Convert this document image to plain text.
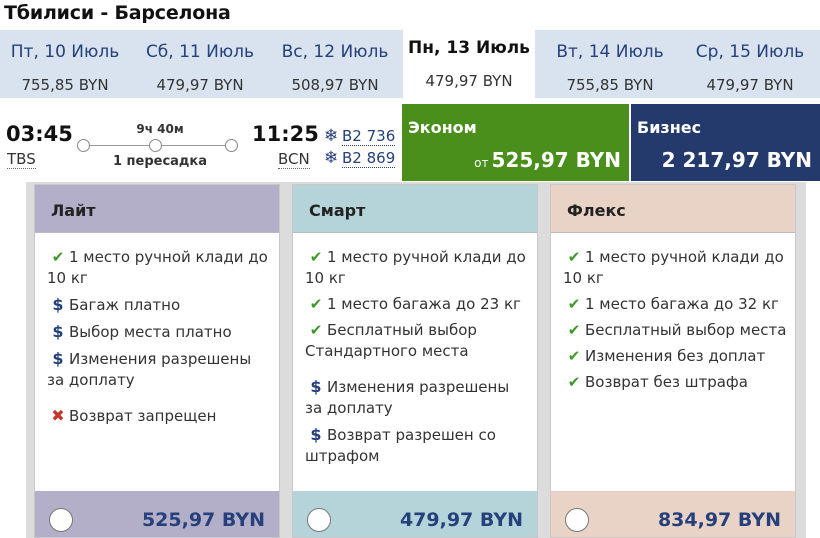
Тбилиси - Барселона
Пт, 10 Июль
755,85 BYN
Сб, 11 Июль
479,97 BYN
Вс, 12 Июль
508,97 BYN
Пн, 13 Июль
479,97 BYN
Вт, 14 Июль
755,85 BYN
Ср, 15 Июль
479,97 BYN
03:45
TBS
9ч 40м
1 пересадка
11:25
BCN
❄ B2 736
❄ B2 869
Эконом
от 525,97 BYN
Бизнес
2 217,97 BYN
Лайт
✔ 1 место ручной клади до 10 кг
$ Багаж платно
$ Выбор места платно
$ Изменения разрешены за доплату
✖ Возврат запрещен
525,97 BYN
Смарт
✔ 1 место ручной клади до 10 кг
✔ 1 место багажа до 23 кг
✔ Бесплатный выбор Стандартного места
$ Изменения разрешены за доплату
$ Возврат разрешен со штрафом
479,97 BYN
Флекс
✔ 1 место ручной клади до 10 кг
✔ 1 место багажа до 32 кг
✔ Бесплатный выбор места
✔ Изменения без доплат
✔ Возврат без штрафа
834,97 BYN
